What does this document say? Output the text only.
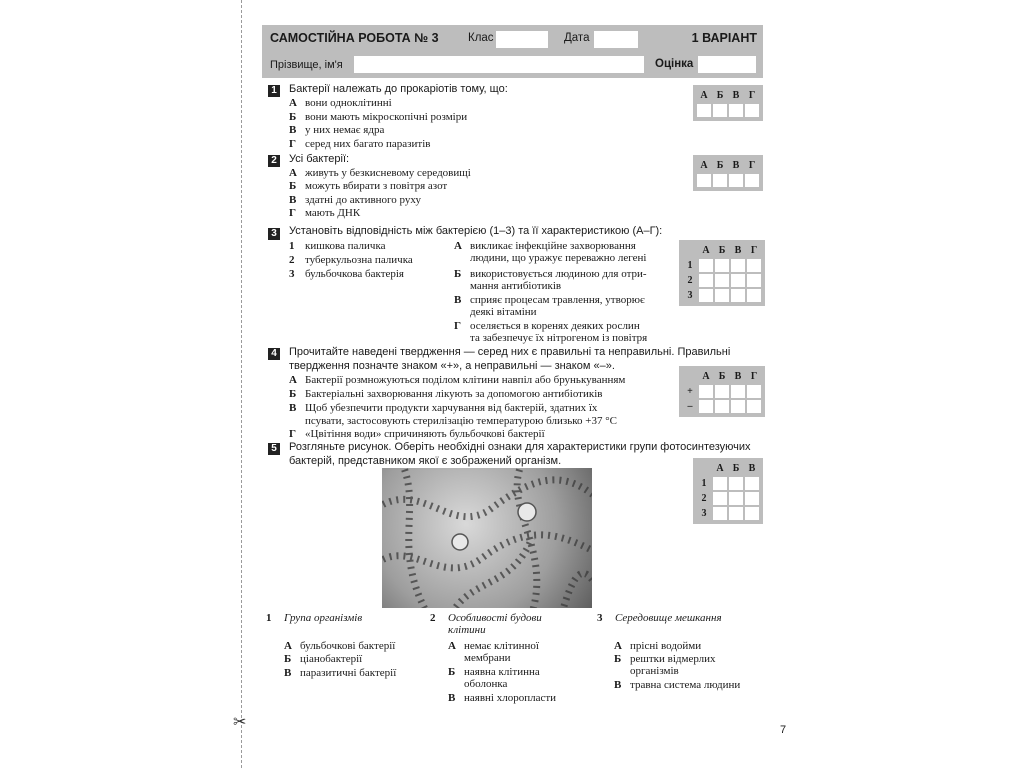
✂
САМОСТІЙНА РОБОТА № 3	Клас	Дата	1 ВАРІАНТ
Прізвище, ім'я	Оцінка
1 Бактерії належать до прокаріотів тому, що:
А вони одноклітинні
Б вони мають мікроскопічні розміри
В у них немає ядра
Г серед них багато паразитів
А	Б	В	Г

2 Усі бактерії:
А живуть у безкисневому середовищі
Б можуть вбирати з повітря азот
В здатні до активного руху
Г мають ДНК
А	Б	В	Г

3 Установіть відповідність між бактерією (1–3) та її характеристикою (А–Г):
1 кишкова паличка
2 туберкульозна паличка
3 бульбочкова бактерія
А викликає інфекційне захворювання
людини, що уражує переважно легені
Б використовується людиною для отри-
мання антибіотиків
В сприяє процесам травлення, утворює
деякі вітаміни
Г оселяється в коренях деяких рослин
та забезпечує їх нітрогеном із повітря
	А	Б	В	Г
1				
2				
3				
4 Прочитайте наведені твердження — серед них є правильні та неправильні. Правильні
твердження позначте знаком «+», а неправильні — знаком «–».
А Бактерії розмножуються поділом клітини навпіл або брунькуванням
Б Бактеріальні захворювання лікують за допомогою антибіотиків
В Щоб убезпечити продукти харчування від бактерій, здатних їх
псувати, застосовують стерилізацію температурою близько +37 °С
Г «Цвітіння води» спричиняють бульбочкові бактерії
	А	Б	В	Г
+				
–				
5 Розгляньте рисунок. Оберіть необхідні ознаки для характеристики групи фотосинтезуючих
бактерій, представником якої є зображений організм.
	А	Б	В
1			
2			
3			
1 Група організмів
А бульбочкові бактерії
Б ціанобактерії
В паразитичні бактерії
2 Особливості будови
клітини
А немає клітинної
мембрани
Б наявна клітинна
оболонка
В наявні хлоропласти
3 Середовище мешкання
А прісні водойми
Б рештки відмерлих
організмів
В травна система людини
7
